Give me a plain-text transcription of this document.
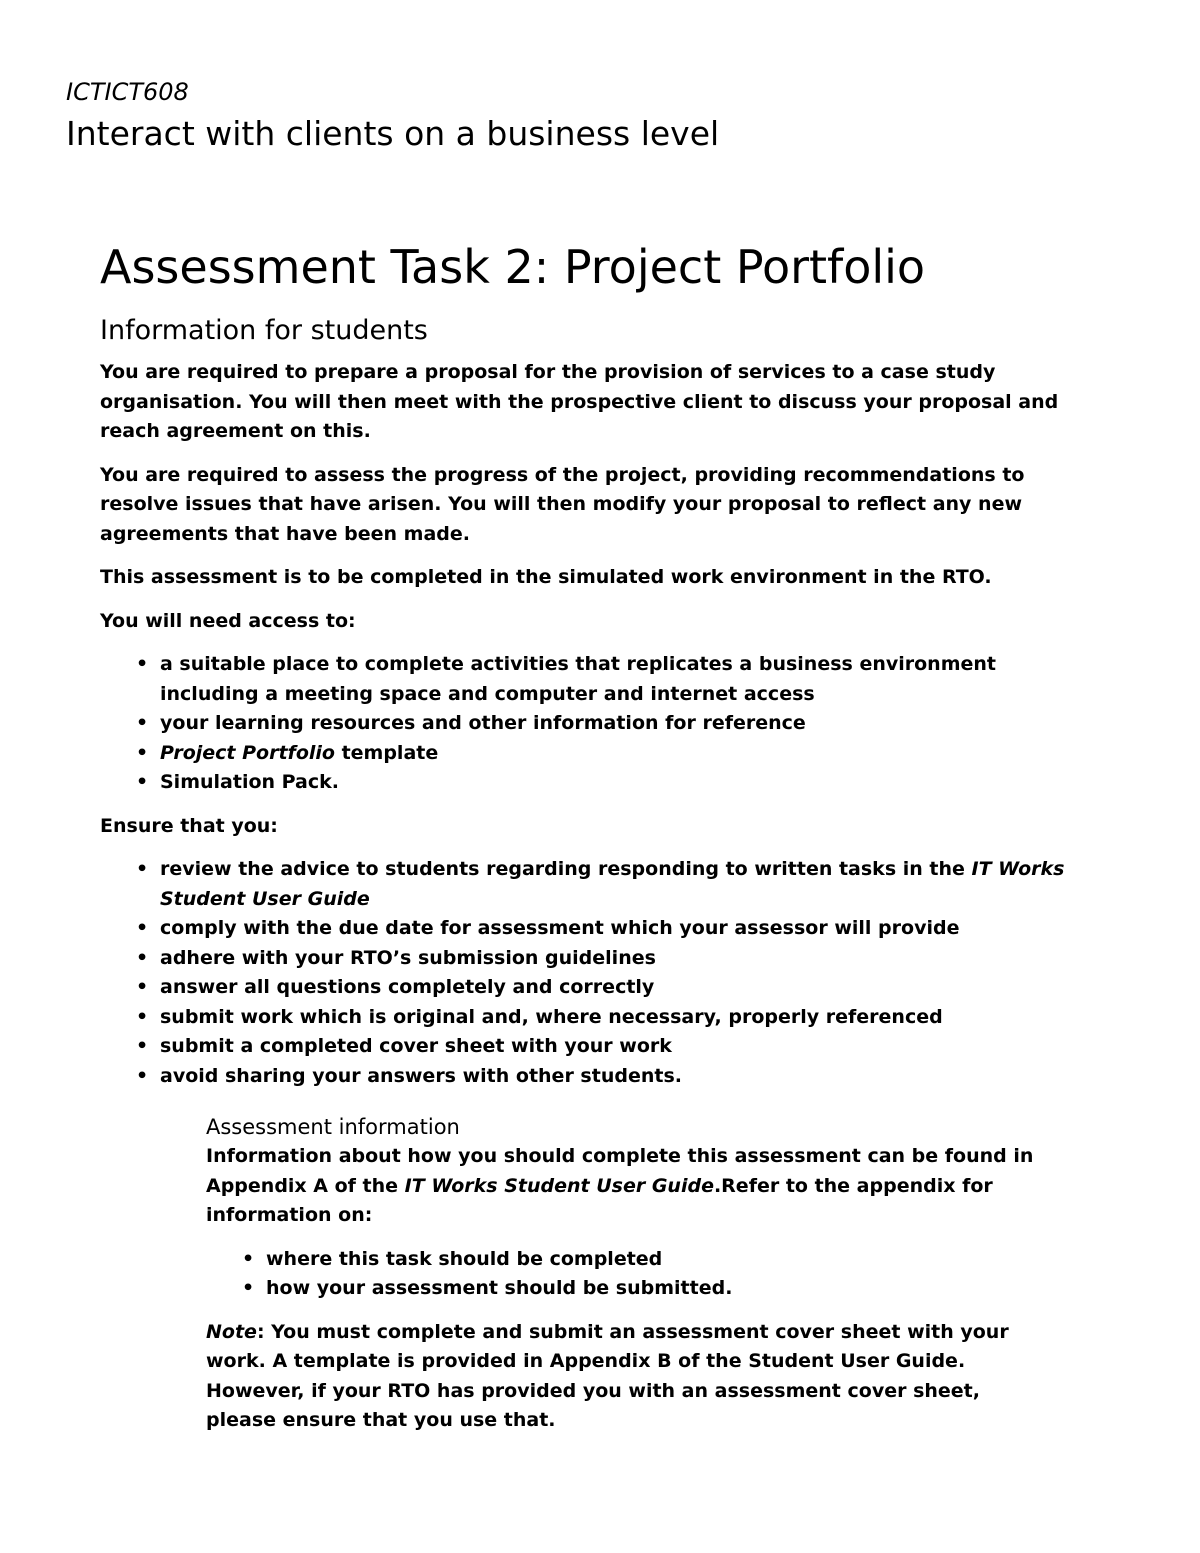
ICTICT608
Interact with clients on a business level
Assessment Task 2: Project Portfolio
Information for students

You are required to prepare a proposal for the provision of services to a case study organisation. You will then meet with the prospective client to discuss your proposal and reach agreement on this.

You are required to assess the progress of the project, providing recommendations to resolve issues that have arisen. You will then modify your proposal to reflect any new agreements that have been made.

This assessment is to be completed in the simulated work environment in the RTO.

You will need access to:

• a suitable place to complete activities that replicates a business environment including a meeting space and computer and internet access
• your learning resources and other information for reference
• Project Portfolio template
• Simulation Pack.

Ensure that you:

• review the advice to students regarding responding to written tasks in the IT Works Student User Guide
• comply with the due date for assessment which your assessor will provide
• adhere with your RTO’s submission guidelines
• answer all questions completely and correctly
• submit work which is original and, where necessary, properly referenced
• submit a completed cover sheet with your work
• avoid sharing your answers with other students.
Assessment information

Information about how you should complete this assessment can be found in Appendix A of the IT Works Student User Guide.Refer to the appendix for information on:

• where this task should be completed
• how your assessment should be submitted.

Note: You must complete and submit an assessment cover sheet with your work. A template is provided in Appendix B of the Student User Guide. However, if your RTO has provided you with an assessment cover sheet, please ensure that you use that.
